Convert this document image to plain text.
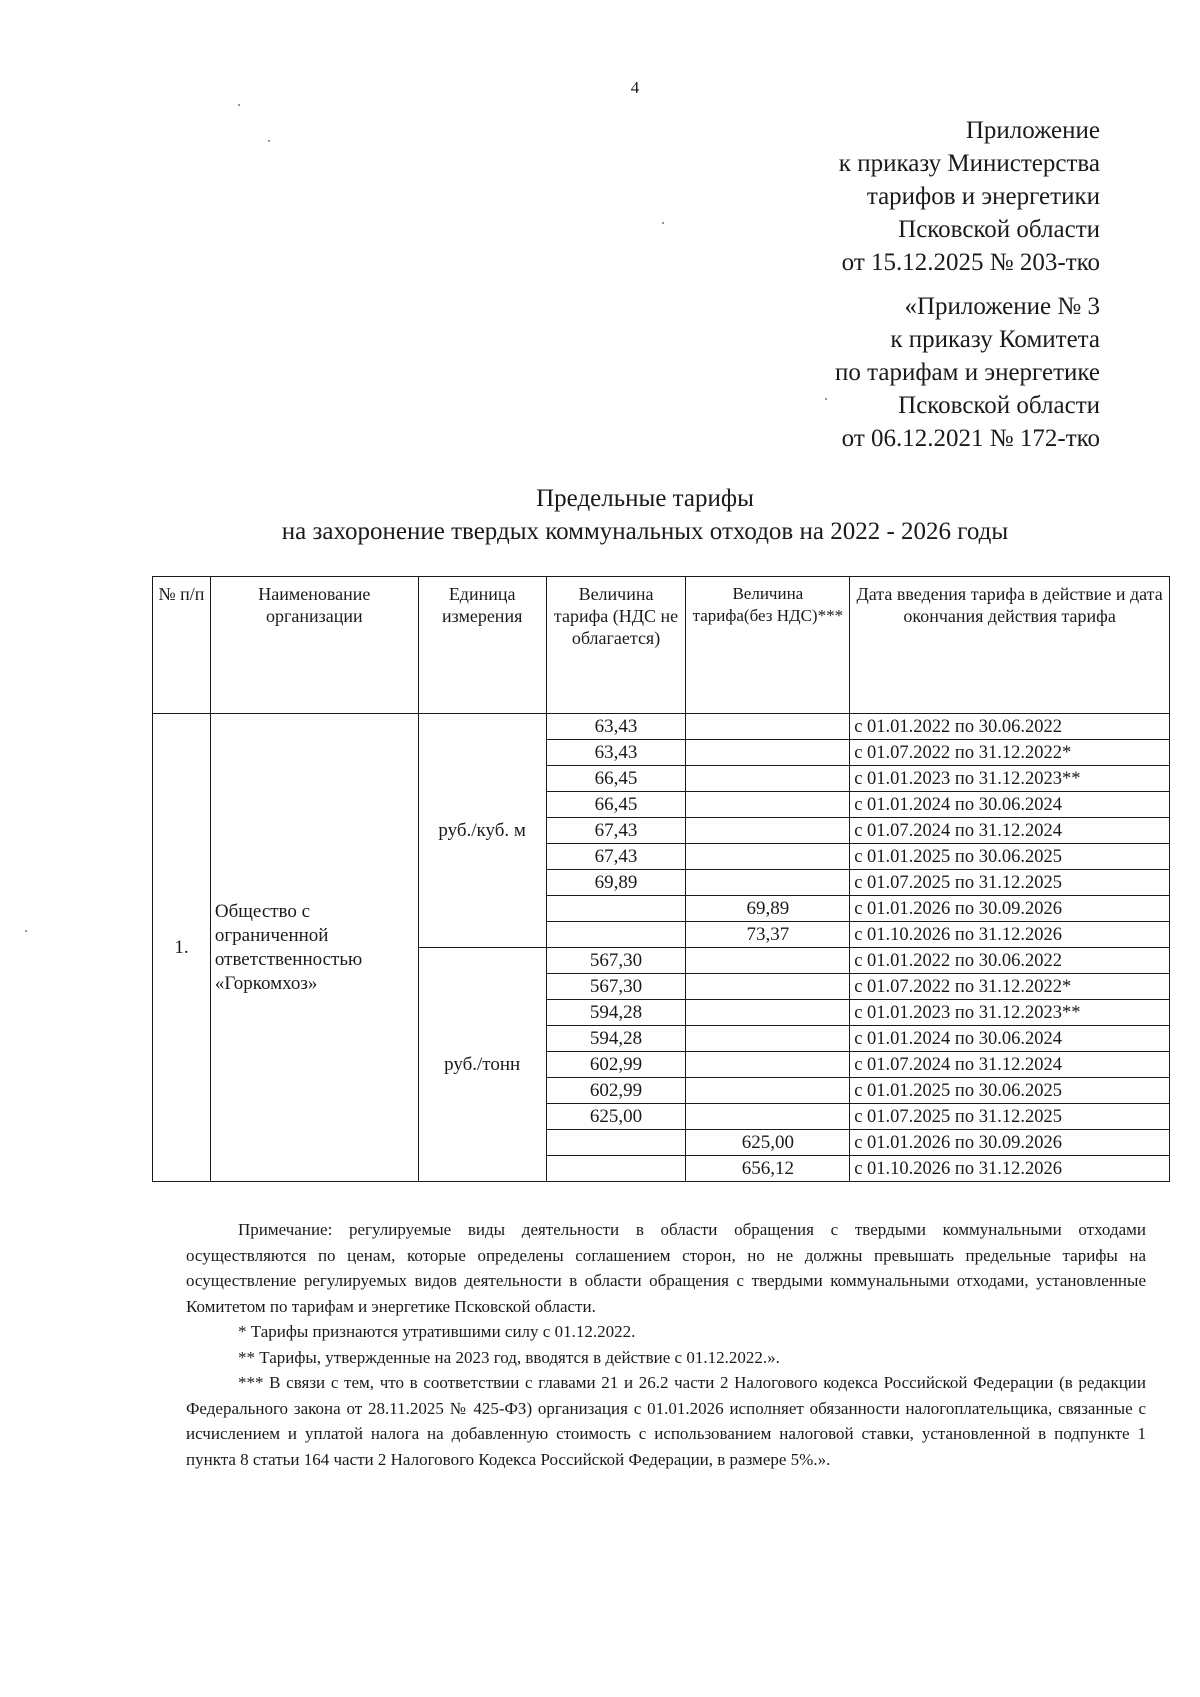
4
Приложение
к приказу Министерства
тарифов и энергетики
Псковской области
от 15.12.2025 № 203-тко
«Приложение № 3
к приказу Комитета
по тарифам и энергетике
Псковской области
от 06.12.2021 № 172-тко
Предельные тарифы
на захоронение твердых коммунальных отходов на 2022 - 2026 годы
№ п/п	Наименование организации	Единица измерения	Величина тарифа (НДС не облагается)	Величина тарифа(без НДС)***	Дата введения тарифа в действие и дата окончания действия тарифа
1.	Общество с ограниченной ответственностью «Горкомхоз»	руб./куб. м	63,43		с 01.01.2022 по 30.06.2022
			63,43		с 01.07.2022 по 31.12.2022*
			66,45		с 01.01.2023 по 31.12.2023**
			66,45		с 01.01.2024 по 30.06.2024
			67,43		с 01.07.2024 по 31.12.2024
			67,43		с 01.01.2025 по 30.06.2025
			69,89		с 01.07.2025 по 31.12.2025
				69,89	с 01.01.2026 по 30.09.2026
				73,37	с 01.10.2026 по 31.12.2026
		руб./тонн	567,30		с 01.01.2022 по 30.06.2022
			567,30		с 01.07.2022 по 31.12.2022*
			594,28		с 01.01.2023 по 31.12.2023**
			594,28		с 01.01.2024 по 30.06.2024
			602,99		с 01.07.2024 по 31.12.2024
			602,99		с 01.01.2025 по 30.06.2025
			625,00		с 01.07.2025 по 31.12.2025
				625,00	с 01.01.2026 по 30.09.2026
				656,12	с 01.10.2026 по 31.12.2026

Примечание: регулируемые виды деятельности в области обращения с твердыми коммунальными отходами осуществляются по ценам, которые определены соглашением сторон, но не должны превышать предельные тарифы на осуществление регулируемых видов деятельности в области обращения с твердыми коммунальными отходами, установленные Комитетом по тарифам и энергетике Псковской области.

* Тарифы признаются утратившими силу с 01.12.2022.

** Тарифы, утвержденные на 2023 год, вводятся в действие с 01.12.2022.».

*** В связи с тем, что в соответствии с главами 21 и 26.2 части 2 Налогового кодекса Российской Федерации (в редакции Федерального закона от 28.11.2025 № 425-ФЗ) организация с 01.01.2026 исполняет обязанности налогоплательщика, связанные с исчислением и уплатой налога на добавленную стоимость с использованием налоговой ставки, установленной в подпункте 1 пункта 8 статьи 164 части 2 Налогового Кодекса Российской Федерации, в размере 5%.».
